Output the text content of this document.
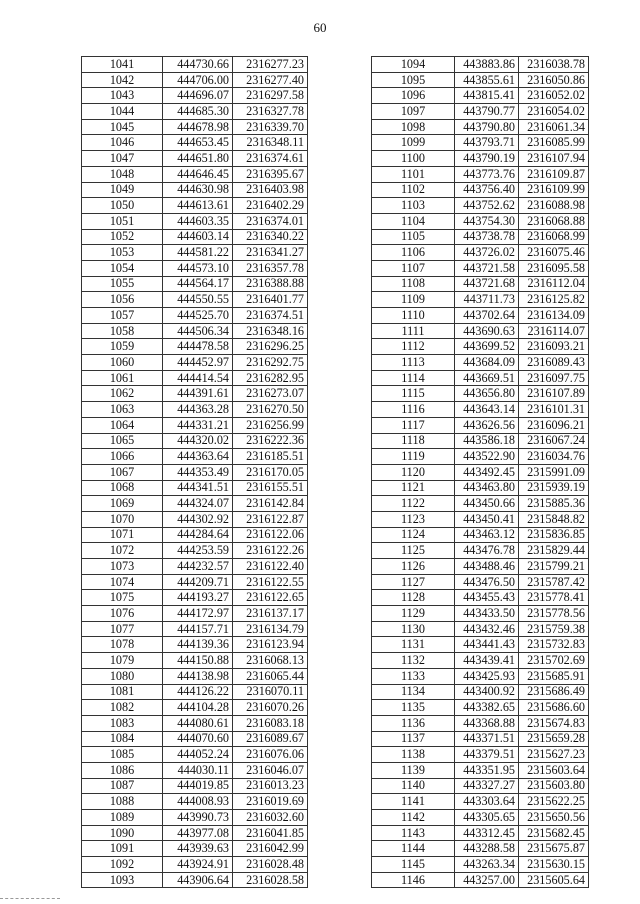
60
1041	444730.66	2316277.23
1042	444706.00	2316277.40
1043	444696.07	2316297.58
1044	444685.30	2316327.78
1045	444678.98	2316339.70
1046	444653.45	2316348.11
1047	444651.80	2316374.61
1048	444646.45	2316395.67
1049	444630.98	2316403.98
1050	444613.61	2316402.29
1051	444603.35	2316374.01
1052	444603.14	2316340.22
1053	444581.22	2316341.27
1054	444573.10	2316357.78
1055	444564.17	2316388.88
1056	444550.55	2316401.77
1057	444525.70	2316374.51
1058	444506.34	2316348.16
1059	444478.58	2316296.25
1060	444452.97	2316292.75
1061	444414.54	2316282.95
1062	444391.61	2316273.07
1063	444363.28	2316270.50
1064	444331.21	2316256.99
1065	444320.02	2316222.36
1066	444363.64	2316185.51
1067	444353.49	2316170.05
1068	444341.51	2316155.51
1069	444324.07	2316142.84
1070	444302.92	2316122.87
1071	444284.64	2316122.06
1072	444253.59	2316122.26
1073	444232.57	2316122.40
1074	444209.71	2316122.55
1075	444193.27	2316122.65
1076	444172.97	2316137.17
1077	444157.71	2316134.79
1078	444139.36	2316123.94
1079	444150.88	2316068.13
1080	444138.98	2316065.44
1081	444126.22	2316070.11
1082	444104.28	2316070.26
1083	444080.61	2316083.18
1084	444070.60	2316089.67
1085	444052.24	2316076.06
1086	444030.11	2316046.07
1087	444019.85	2316013.23
1088	444008.93	2316019.69
1089	443990.73	2316032.60
1090	443977.08	2316041.85
1091	443939.63	2316042.99
1092	443924.91	2316028.48
1093	443906.64	2316028.58
1094	443883.86	2316038.78
1095	443855.61	2316050.86
1096	443815.41	2316052.02
1097	443790.77	2316054.02
1098	443790.80	2316061.34
1099	443793.71	2316085.99
1100	443790.19	2316107.94
1101	443773.76	2316109.87
1102	443756.40	2316109.99
1103	443752.62	2316088.98
1104	443754.30	2316068.88
1105	443738.78	2316068.99
1106	443726.02	2316075.46
1107	443721.58	2316095.58
1108	443721.68	2316112.04
1109	443711.73	2316125.82
1110	443702.64	2316134.09
1111	443690.63	2316114.07
1112	443699.52	2316093.21
1113	443684.09	2316089.43
1114	443669.51	2316097.75
1115	443656.80	2316107.89
1116	443643.14	2316101.31
1117	443626.56	2316096.21
1118	443586.18	2316067.24
1119	443522.90	2316034.76
1120	443492.45	2315991.09
1121	443463.80	2315939.19
1122	443450.66	2315885.36
1123	443450.41	2315848.82
1124	443463.12	2315836.85
1125	443476.78	2315829.44
1126	443488.46	2315799.21
1127	443476.50	2315787.42
1128	443455.43	2315778.41
1129	443433.50	2315778.56
1130	443432.46	2315759.38
1131	443441.43	2315732.83
1132	443439.41	2315702.69
1133	443425.93	2315685.91
1134	443400.92	2315686.49
1135	443382.65	2315686.60
1136	443368.88	2315674.83
1137	443371.51	2315659.28
1138	443379.51	2315627.23
1139	443351.95	2315603.64
1140	443327.27	2315603.80
1141	443303.64	2315622.25
1142	443305.65	2315650.56
1143	443312.45	2315682.45
1144	443288.58	2315675.87
1145	443263.34	2315630.15
1146	443257.00	2315605.64
